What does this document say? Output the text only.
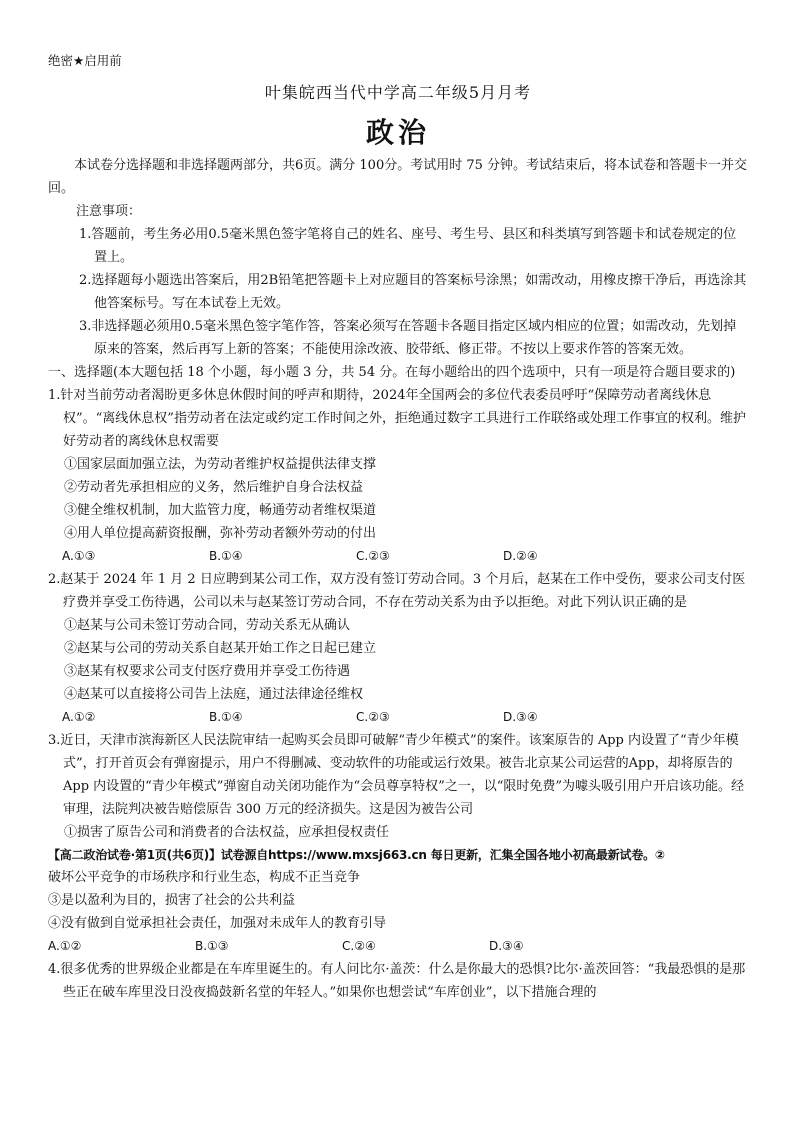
绝密★启用前
叶集皖西当代中学高二年级5月月考
政治
本试卷分选择题和非选择题两部分，共6页。满分 100分。考试用时 75 分钟。考试结束后，将本试卷和答题卡一并交回。
注意事项：
1.答题前，考生务必用0.5毫米黑色签字笔将自己的姓名、座号、考生号、县区和科类填写到答题卡和试卷规定的位置上。
2.选择题每小题选出答案后，用2B铅笔把答题卡上对应题目的答案标号涂黑；如需改动，用橡皮擦干净后，再选涂其他答案标号。写在本试卷上无效。
3.非选择题必须用0.5毫米黑色签字笔作答，答案必须写在答题卡各题目指定区域内相应的位置；如需改动，先划掉原来的答案，然后再写上新的答案；不能使用涂改液、胶带纸、修正带。不按以上要求作答的答案无效。
一、选择题(本大题包括 18 个小题，每小题 3 分，共 54 分。在每小题给出的四个选项中，只有一项是符合题目要求的)
1.针对当前劳动者渴盼更多休息休假时间的呼声和期待，2024年全国两会的多位代表委员呼吁“保障劳动者离线休息权”。“离线休息权”指劳动者在法定或约定工作时间之外，拒绝通过数字工具进行工作联络或处理工作事宜的权利。维护好劳动者的离线休息权需要
①国家层面加强立法，为劳动者维护权益提供法律支撑
②劳动者先承担相应的义务，然后维护自身合法权益
③健全维权机制，加大监管力度，畅通劳动者维权渠道
④用人单位提高薪资报酬，弥补劳动者额外劳动的付出
A.①③	B.①④	C.②③	D.②④
2.赵某于 2024 年 1 月 2 日应聘到某公司工作，双方没有签订劳动合同。3 个月后，赵某在工作中受伤，要求公司支付医疗费并享受工伤待遇，公司以未与赵某签订劳动合同，不存在劳动关系为由予以拒绝。对此下列认识正确的是
①赵某与公司未签订劳动合同，劳动关系无从确认
②赵某与公司的劳动关系自赵某开始工作之日起已建立
③赵某有权要求公司支付医疗费用并享受工伤待遇
④赵某可以直接将公司告上法庭，通过法律途径维权
A.①②	B.①④	C.②③	D.③④
3.近日，天津市滨海新区人民法院审结一起购买会员即可破解“青少年模式”的案件。该案原告的 App 内设置了“青少年模式”，打开首页会有弹窗提示，用户不得删减、变动软件的功能或运行效果。被告北京某公司运营的App，却将原告的 App 内设置的“青少年模式”弹窗自动关闭功能作为“会员尊享特权”之一，以“限时免费”为噱头吸引用户开启该功能。经审理，法院判决被告赔偿原告 300 万元的经济损失。这是因为被告公司
①损害了原告公司和消费者的合法权益，应承担侵权责任
【高二政治试卷·第1页(共6页)】试卷源自https://www.mxsj663.cn 每日更新，汇集全国各地小初高最新试卷。②
破坏公平竞争的市场秩序和行业生态，构成不正当竞争
③是以盈利为目的，损害了社会的公共利益
④没有做到自觉承担社会责任，加强对未成年人的教育引导
A.①②	B.①③	C.②④	D.③④
4.很多优秀的世界级企业都是在车库里诞生的。有人问比尔·盖茨：什么是你最大的恐惧?比尔·盖茨回答：“我最恐惧的是那些正在破车库里没日没夜捣鼓新名堂的年轻人。”如果你也想尝试“车库创业”，以下措施合理的
